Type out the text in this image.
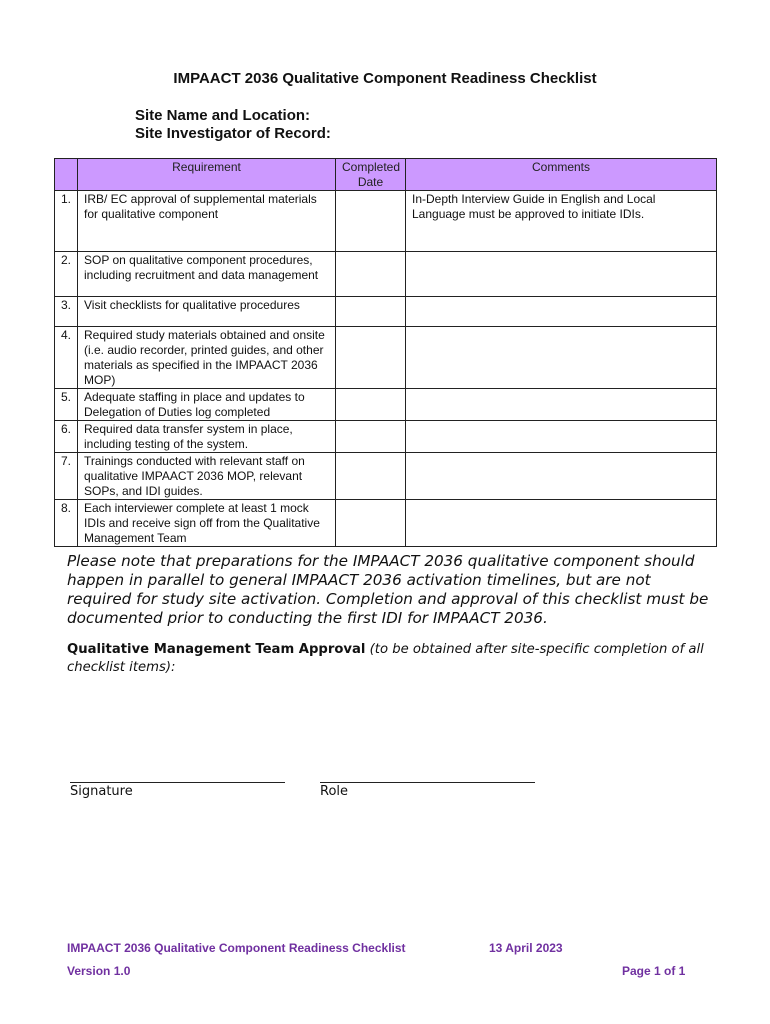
IMPAACT 2036 Qualitative Component Readiness Checklist
Site Name and Location:
Site Investigator of Record:
	Requirement	Completed Date	Comments
1.	IRB/ EC approval of supplemental materials for qualitative component		In-Depth Interview Guide in English and Local Language must be approved to initiate IDIs.
2.	SOP on qualitative component procedures, including recruitment and data management		
3.	Visit checklists for qualitative procedures		
4.	Required study materials obtained and onsite (i.e. audio recorder, printed guides, and other materials as specified in the IMPAACT 2036 MOP)		
5.	Adequate staffing in place and updates to Delegation of Duties log completed		
6.	Required data transfer system in place, including testing of the system.		
7.	Trainings conducted with relevant staff on qualitative IMPAACT 2036 MOP, relevant SOPs, and IDI guides.		
8.	Each interviewer complete at least 1 mock IDIs and receive sign off from the Qualitative Management Team		
Please note that preparations for the IMPAACT 2036 qualitative component should happen in parallel to general IMPAACT 2036 activation timelines, but are not required for study site activation. Completion and approval of this checklist must be documented prior to conducting the first IDI for IMPAACT 2036.
Qualitative Management Team Approval (to be obtained after site-specific completion of all checklist items):
Signature	Role
IMPAACT 2036 Qualitative Component Readiness Checklist	13 April 2023
Version 1.0	Page 1 of 1
